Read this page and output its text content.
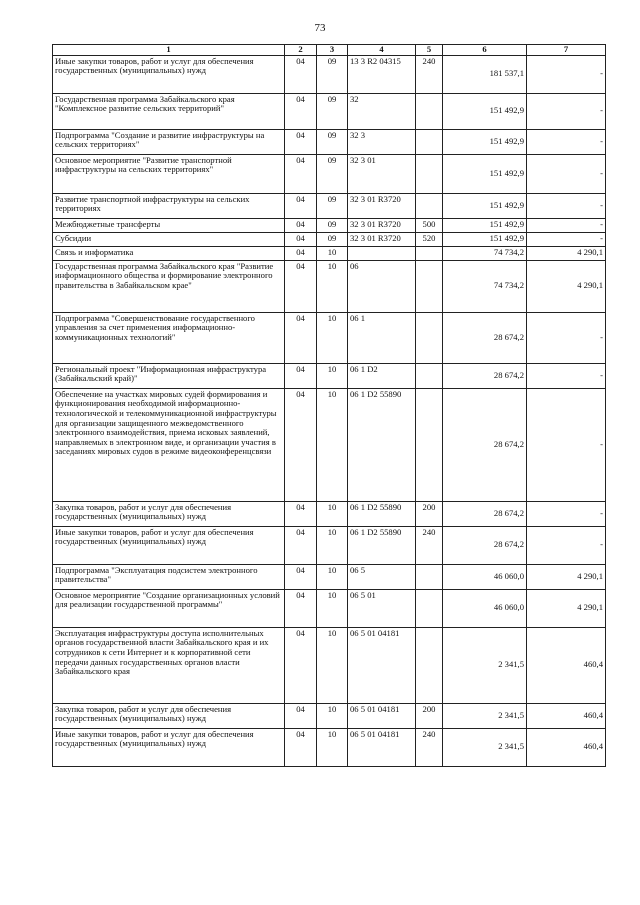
73
1	2	3	4	5	6	7
Иные закупки товаров, работ и услуг для обеспечения государственных (муниципальных) нужд	04	09	13 3 R2 04315	240	181 537,1	-
Государственная программа Забайкальского края "Комплексное развитие сельских территорий"	04	09	32		151 492,9	-
Подпрограмма "Создание и развитие инфраструктуры на сельских территориях"	04	09	32 3		151 492,9	-
Основное мероприятие "Развитие транспортной инфраструктуры на сельских территориях"	04	09	32 3 01		151 492,9	-
Развитие транспортной инфраструктуры на сельских территориях	04	09	32 3 01 R3720		151 492,9	-
Межбюджетные трансферты	04	09	32 3 01 R3720	500	151 492,9	-
Субсидии	04	09	32 3 01 R3720	520	151 492,9	-
Связь и информатика	04	10			74 734,2	4 290,1
Государственная программа Забайкальского края "Развитие информационного общества и формирование электронного правительства в Забайкальском крае"	04	10	06		74 734,2	4 290,1
Подпрограмма "Совершенствование государственного управления за счет применения информационно-коммуникационных технологий"	04	10	06 1		28 674,2	-
Региональный проект "Информационная инфраструктура (Забайкальский край)"	04	10	06 1 D2		28 674,2	-
Обеспечение на участках мировых судей формирования и функционирования необходимой информационно-технологической и телекоммуникационной инфраструктуры для организации защищенного межведомственного электронного взаимодействия, приема исковых заявлений, направляемых в электронном виде, и организации участия в заседаниях мировых судов в режиме видеоконференцсвязи	04	10	06 1 D2 55890		28 674,2	-
Закупка товаров, работ и услуг для обеспечения государственных (муниципальных) нужд	04	10	06 1 D2 55890	200	28 674,2	-
Иные закупки товаров, работ и услуг для обеспечения государственных (муниципальных) нужд	04	10	06 1 D2 55890	240	28 674,2	-
Подпрограмма "Эксплуатация подсистем электронного правительства"	04	10	06 5		46 060,0	4 290,1
Основное мероприятие "Создание организационных условий для реализации государственной программы"	04	10	06 5 01		46 060,0	4 290,1
Эксплуатация инфраструктуры доступа исполнительных органов государственной власти Забайкальского края и их сотрудников к сети Интернет и к корпоративной сети передачи данных государственных органов власти Забайкальского края	04	10	06 5 01 04181		2 341,5	460,4
Закупка товаров, работ и услуг для обеспечения государственных (муниципальных) нужд	04	10	06 5 01 04181	200	2 341,5	460,4
Иные закупки товаров, работ и услуг для обеспечения государственных (муниципальных) нужд	04	10	06 5 01 04181	240	2 341,5	460,4
